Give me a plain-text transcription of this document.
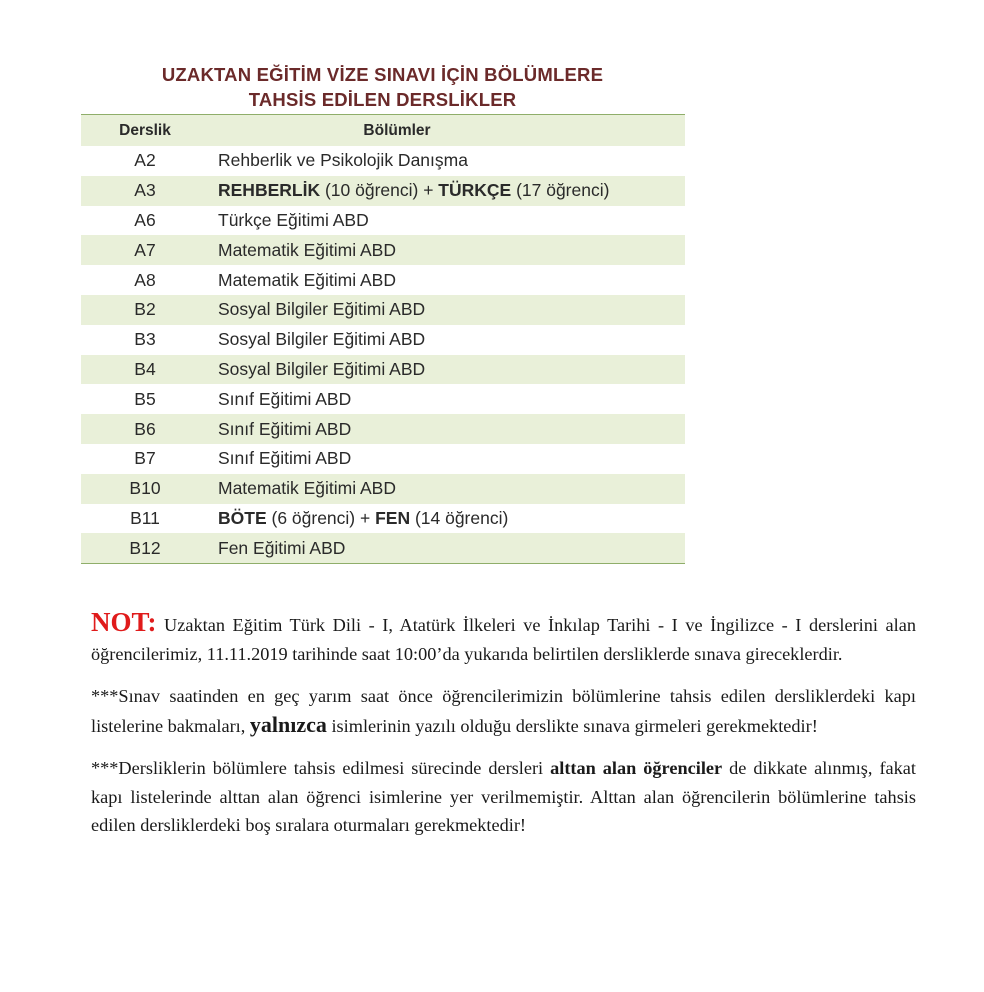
UZAKTAN EĞİTİM VİZE SINAVI İÇİN BÖLÜMLERE
TAHSİS EDİLEN DERSLİKLER
Derslik	Bölümler
A2	Rehberlik ve Psikolojik Danışma
A3	REHBERLİK (10 öğrenci) + TÜRKÇE (17 öğrenci)
A6	Türkçe Eğitimi ABD
A7	Matematik Eğitimi ABD
A8	Matematik Eğitimi ABD
B2	Sosyal Bilgiler Eğitimi ABD
B3	Sosyal Bilgiler Eğitimi ABD
B4	Sosyal Bilgiler Eğitimi ABD
B5	Sınıf Eğitimi ABD
B6	Sınıf Eğitimi ABD
B7	Sınıf Eğitimi ABD
B10	Matematik Eğitimi ABD
B11	BÖTE (6 öğrenci) + FEN (14 öğrenci)
B12	Fen Eğitimi ABD

NOT: Uzaktan Eğitim Türk Dili - I, Atatürk İlkeleri ve İnkılap Tarihi - I ve İngilizce - I derslerini alan öğrencilerimiz, 11.11.2019 tarihinde saat 10:00’da yukarıda belirtilen dersliklerde sınava gireceklerdir.

***Sınav saatinden en geç yarım saat önce öğrencilerimizin bölümlerine tahsis edilen dersliklerdeki kapı listelerine bakmaları, yalnızca isimlerinin yazılı olduğu derslikte sınava girmeleri gerekmektedir!

***Dersliklerin bölümlere tahsis edilmesi sürecinde dersleri alttan alan öğrenciler de dikkate alınmış, fakat kapı listelerinde alttan alan öğrenci isimlerine yer verilmemiştir. Alttan alan öğrencilerin bölümlerine tahsis edilen dersliklerdeki boş sıralara oturmaları gerekmektedir!
